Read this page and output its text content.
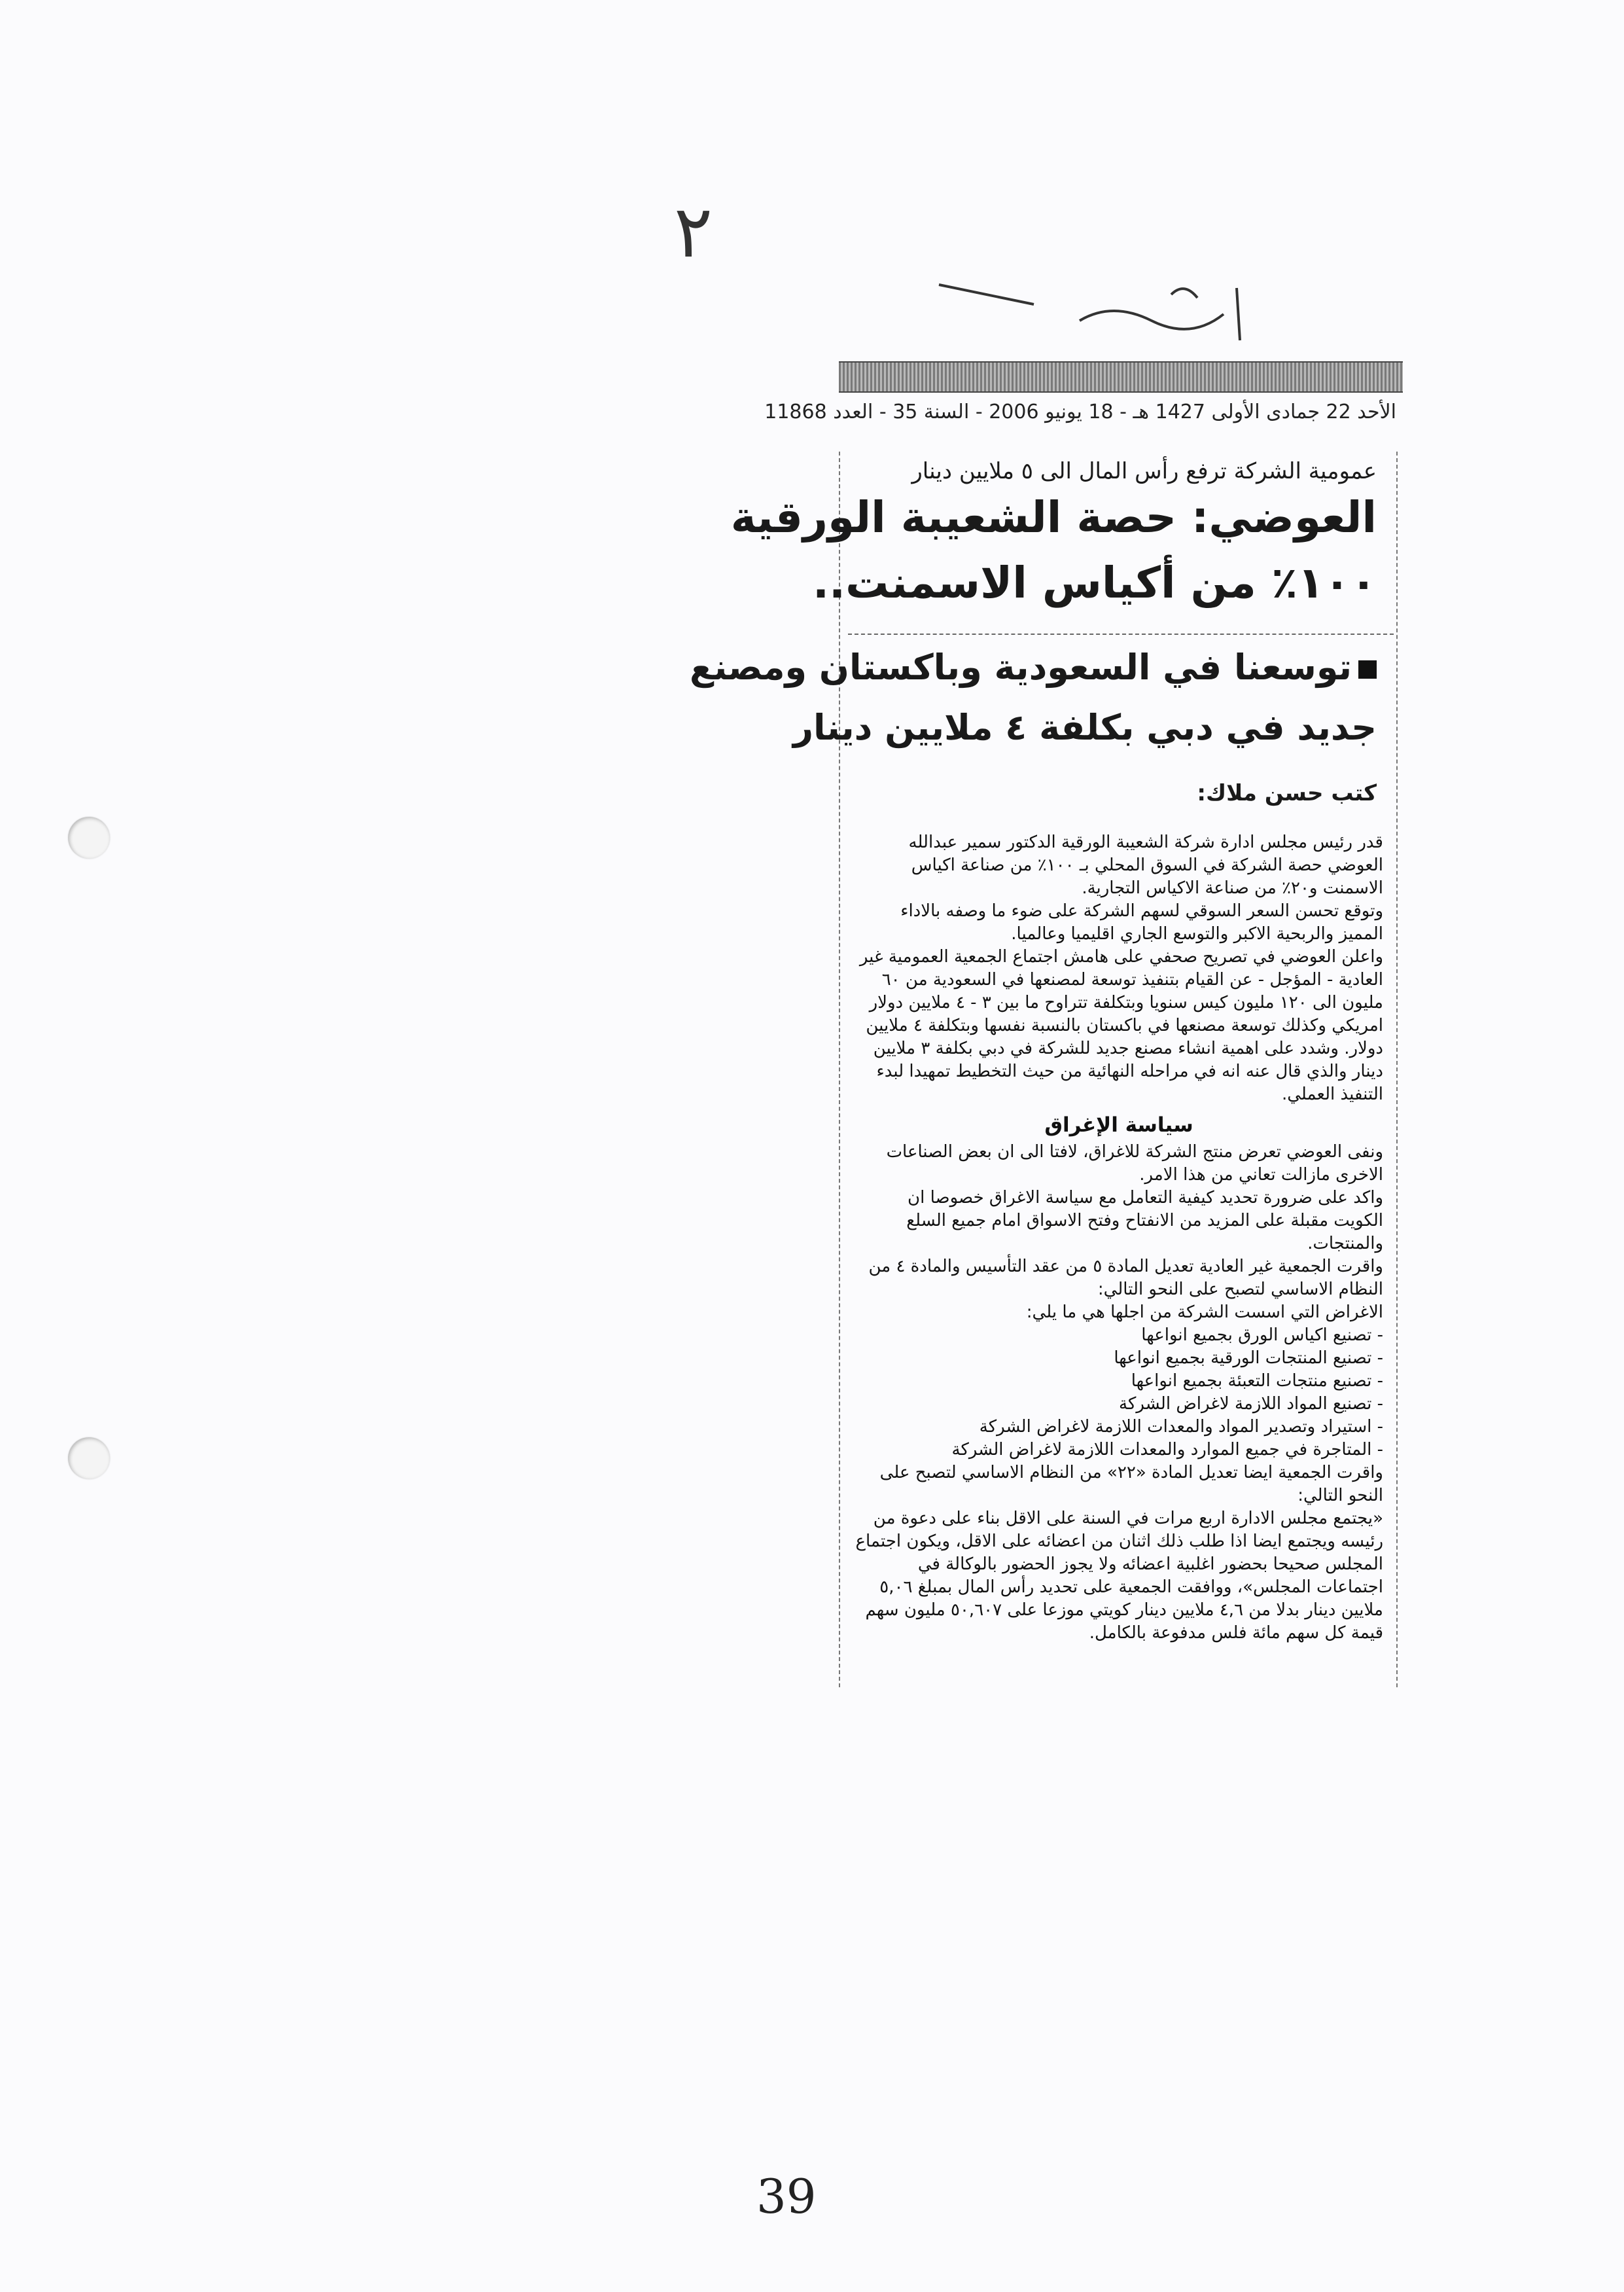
٢
الأحد 22 جمادى الأولى 1427 هـ - 18 يونيو 2006 - السنة 35 - العدد 11868
عمومية الشركة ترفع رأس المال الى ٥ ملايين دينار
العوضي: حصة الشعيبة الورقية
١٠٠٪ من أكياس الاسمنت..
توسعنا في السعودية وباكستان ومصنع
جديد في دبي بكلفة ٤ ملايين دينار
كتب حسن ملاك:

قدر رئيس مجلس ادارة شركة الشعيبة الورقية الدكتور سمير عبدالله العوضي حصة الشركة في السوق المحلي بـ ١٠٠٪ من صناعة اكياس الاسمنت و٢٠٪ من صناعة الاكياس التجارية.

وتوقع تحسن السعر السوقي لسهم الشركة على ضوء ما وصفه بالاداء المميز والربحية الاكبر والتوسع الجاري اقليميا وعالميا.

واعلن العوضي في تصريح صحفي على هامش اجتماع الجمعية العمومية غير العادية - المؤجل - عن القيام بتنفيذ توسعة لمصنعها في السعودية من ٦٠ مليون الى ١٢٠ مليون كيس سنويا وبتكلفة تتراوح ما بين ٣ - ٤ ملايين دولار امريكي وكذلك توسعة مصنعها في باكستان بالنسبة نفسها وبتكلفة ٤ ملايين دولار. وشدد على اهمية انشاء مصنع جديد للشركة في دبي بكلفة ٣ ملايين دينار والذي قال عنه انه في مراحله النهائية من حيث التخطيط تمهيدا لبدء التنفيذ العملي.

سياسة الإغراق

ونفى العوضي تعرض منتج الشركة للاغراق، لافتا الى ان بعض الصناعات الاخرى مازالت تعاني من هذا الامر.

واكد على ضرورة تحديد كيفية التعامل مع سياسة الاغراق خصوصا ان الكويت مقبلة على المزيد من الانفتاح وفتح الاسواق امام جميع السلع والمنتجات.

واقرت الجمعية غير العادية تعديل المادة ٥ من عقد التأسيس والمادة ٤ من النظام الاساسي لتصبح على النحو التالي:

الاغراض التي اسست الشركة من اجلها هي ما يلي:

- تصنيع اكياس الورق بجميع انواعها

- تصنيع المنتجات الورقية بجميع انواعها

- تصنيع منتجات التعبئة بجميع انواعها

- تصنيع المواد اللازمة لاغراض الشركة

- استيراد وتصدير المواد والمعدات اللازمة لاغراض الشركة

- المتاجرة في جميع الموارد والمعدات اللازمة لاغراض الشركة

واقرت الجمعية ايضا تعديل المادة «٢٢» من النظام الاساسي لتصبح على النحو التالي:

«يجتمع مجلس الادارة اربع مرات في السنة على الاقل بناء على دعوة من رئيسه ويجتمع ايضا اذا طلب ذلك اثنان من اعضائه على الاقل، ويكون اجتماع المجلس صحيحا بحضور اغلبية اعضائه ولا يجوز الحضور بالوكالة في اجتماعات المجلس»، ووافقت الجمعية على تحديد رأس المال بمبلغ ٥,٠٦ ملايين دينار بدلا من ٤,٦ ملايين دينار كويتي موزعا على ٥٠,٦٠٧ مليون سهم قيمة كل سهم مائة فلس مدفوعة بالكامل.

39
